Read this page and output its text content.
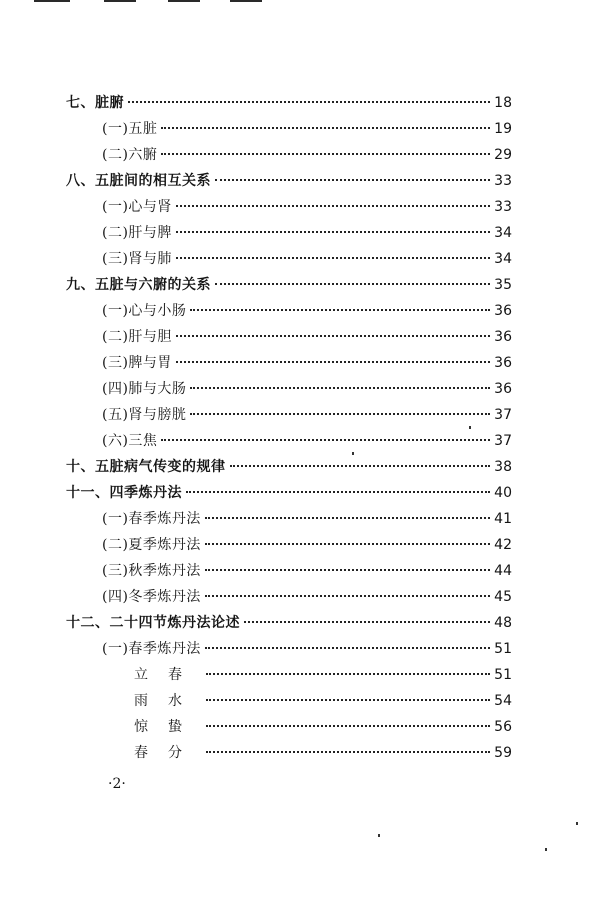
七、脏腑	18
(一)五脏	19
(二)六腑	29
八、五脏间的相互关系	33
(一)心与肾	33
(二)肝与脾	34
(三)肾与肺	34
九、五脏与六腑的关系	35
(一)心与小肠	36
(二)肝与胆	36
(三)脾与胃	36
(四)肺与大肠	36
(五)肾与膀胱	37
(六)三焦	37
十、五脏病气传变的规律	38
十一、四季炼丹法	40
(一)春季炼丹法	41
(二)夏季炼丹法	42
(三)秋季炼丹法	44
(四)冬季炼丹法	45
十二、二十四节炼丹法论述	48
(一)春季炼丹法	51
立春	51
雨水	54
惊蛰	56
春分	59
·2·
